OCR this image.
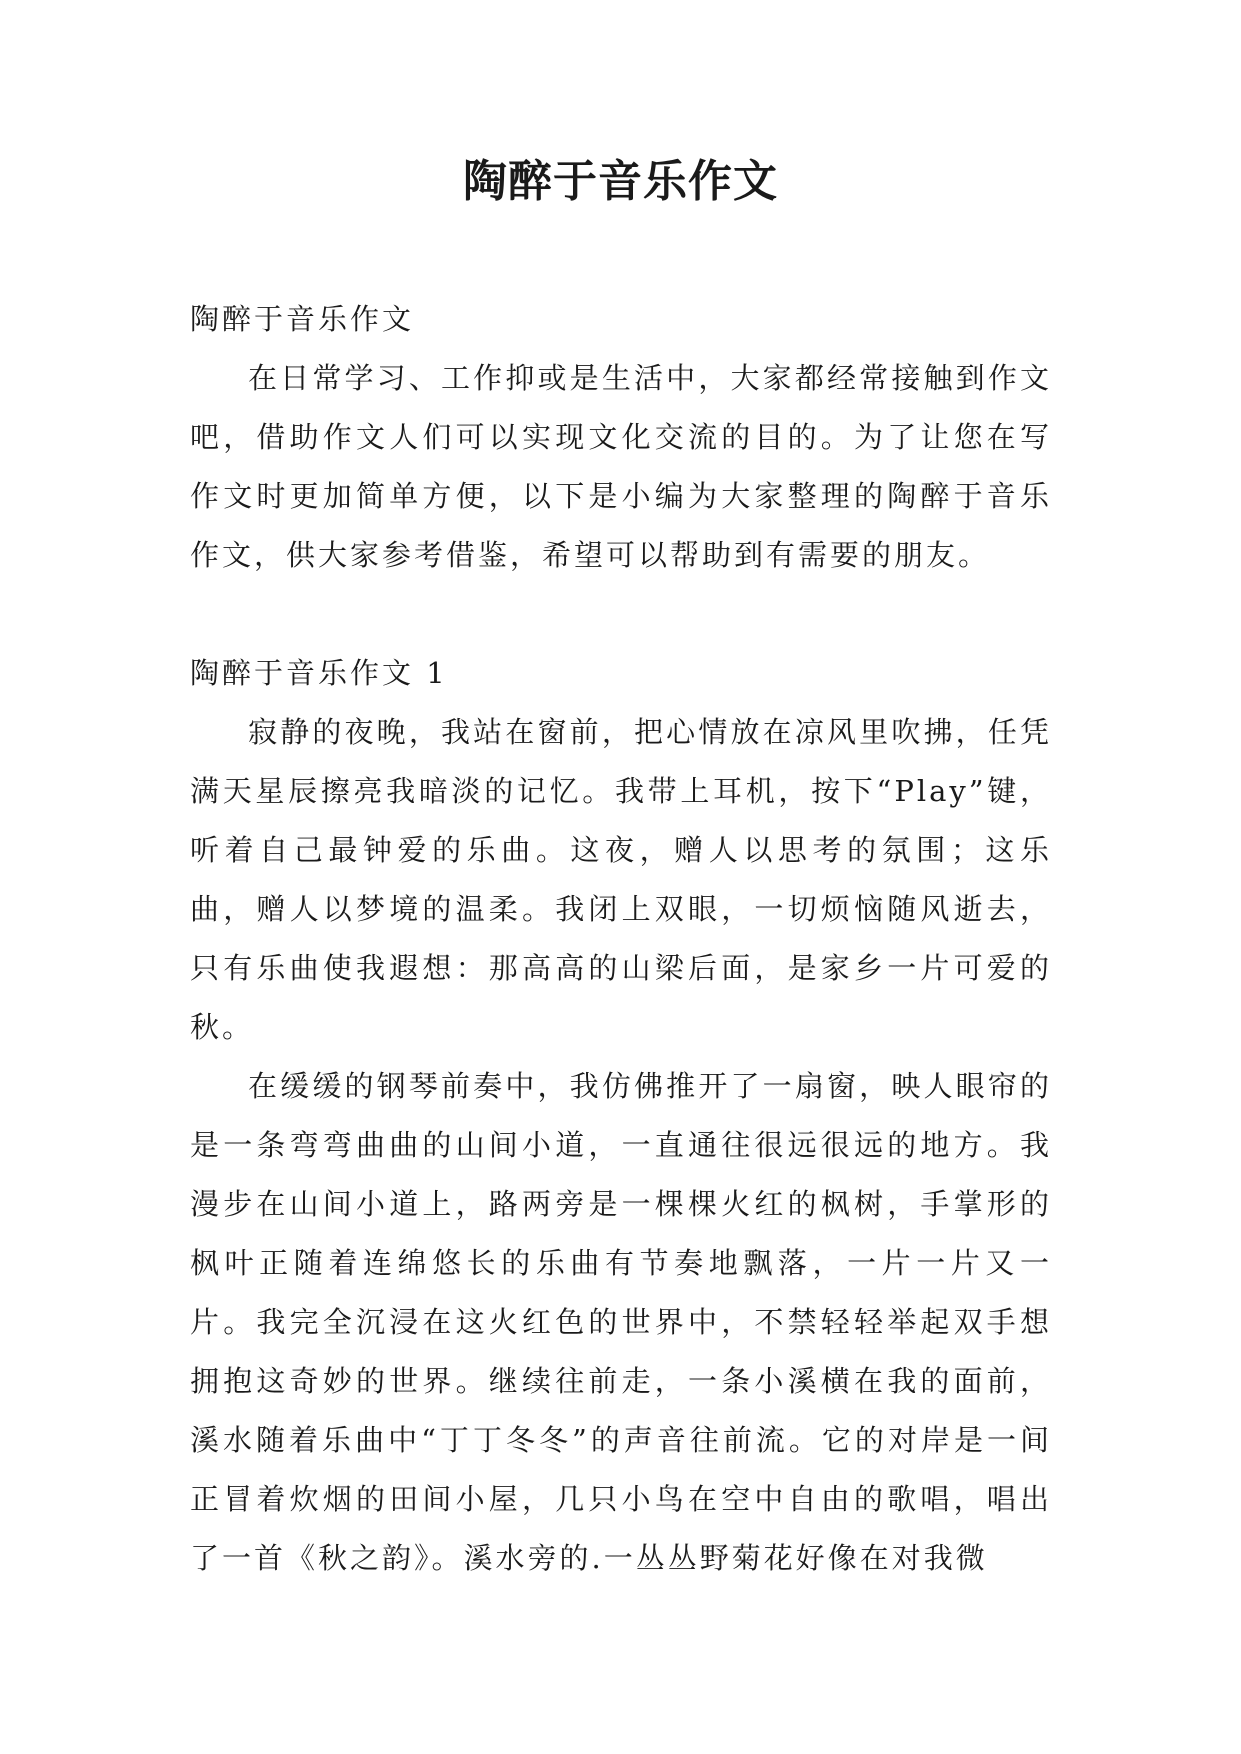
陶醉于音乐作文

陶醉于音乐作文

在日常学习、工作抑或是生活中，大家都经常接触到作文吧，借助作文人们可以实现文化交流的目的。为了让您在写作文时更加简单方便，以下是小编为大家整理的陶醉于音乐作文，供大家参考借鉴，希望可以帮助到有需要的朋友。

陶醉于音乐作文 1

寂静的夜晚，我站在窗前，把心情放在凉风里吹拂，任凭满天星辰擦亮我暗淡的记忆。我带上耳机，按下“Play”键，听着自己最钟爱的乐曲。这夜，赠人以思考的氛围；这乐曲，赠人以梦境的温柔。我闭上双眼，一切烦恼随风逝去，只有乐曲使我遐想：那高高的山梁后面，是家乡一片可爱的秋。

在缓缓的钢琴前奏中，我仿佛推开了一扇窗，映人眼帘的是一条弯弯曲曲的山间小道，一直通往很远很远的地方。我漫步在山间小道上，路两旁是一棵棵火红的枫树，手掌形的枫叶正随着连绵悠长的乐曲有节奏地飘落，一片一片又一片。我完全沉浸在这火红色的世界中，不禁轻轻举起双手想拥抱这奇妙的世界。继续往前走，一条小溪横在我的面前，溪水随着乐曲中“丁丁冬冬”的声音往前流。它的对岸是一间正冒着炊烟的田间小屋，几只小鸟在空中自由的歌唱，唱出了一首《秋之韵》。溪水旁的.一丛丛野菊花好像在对我微
